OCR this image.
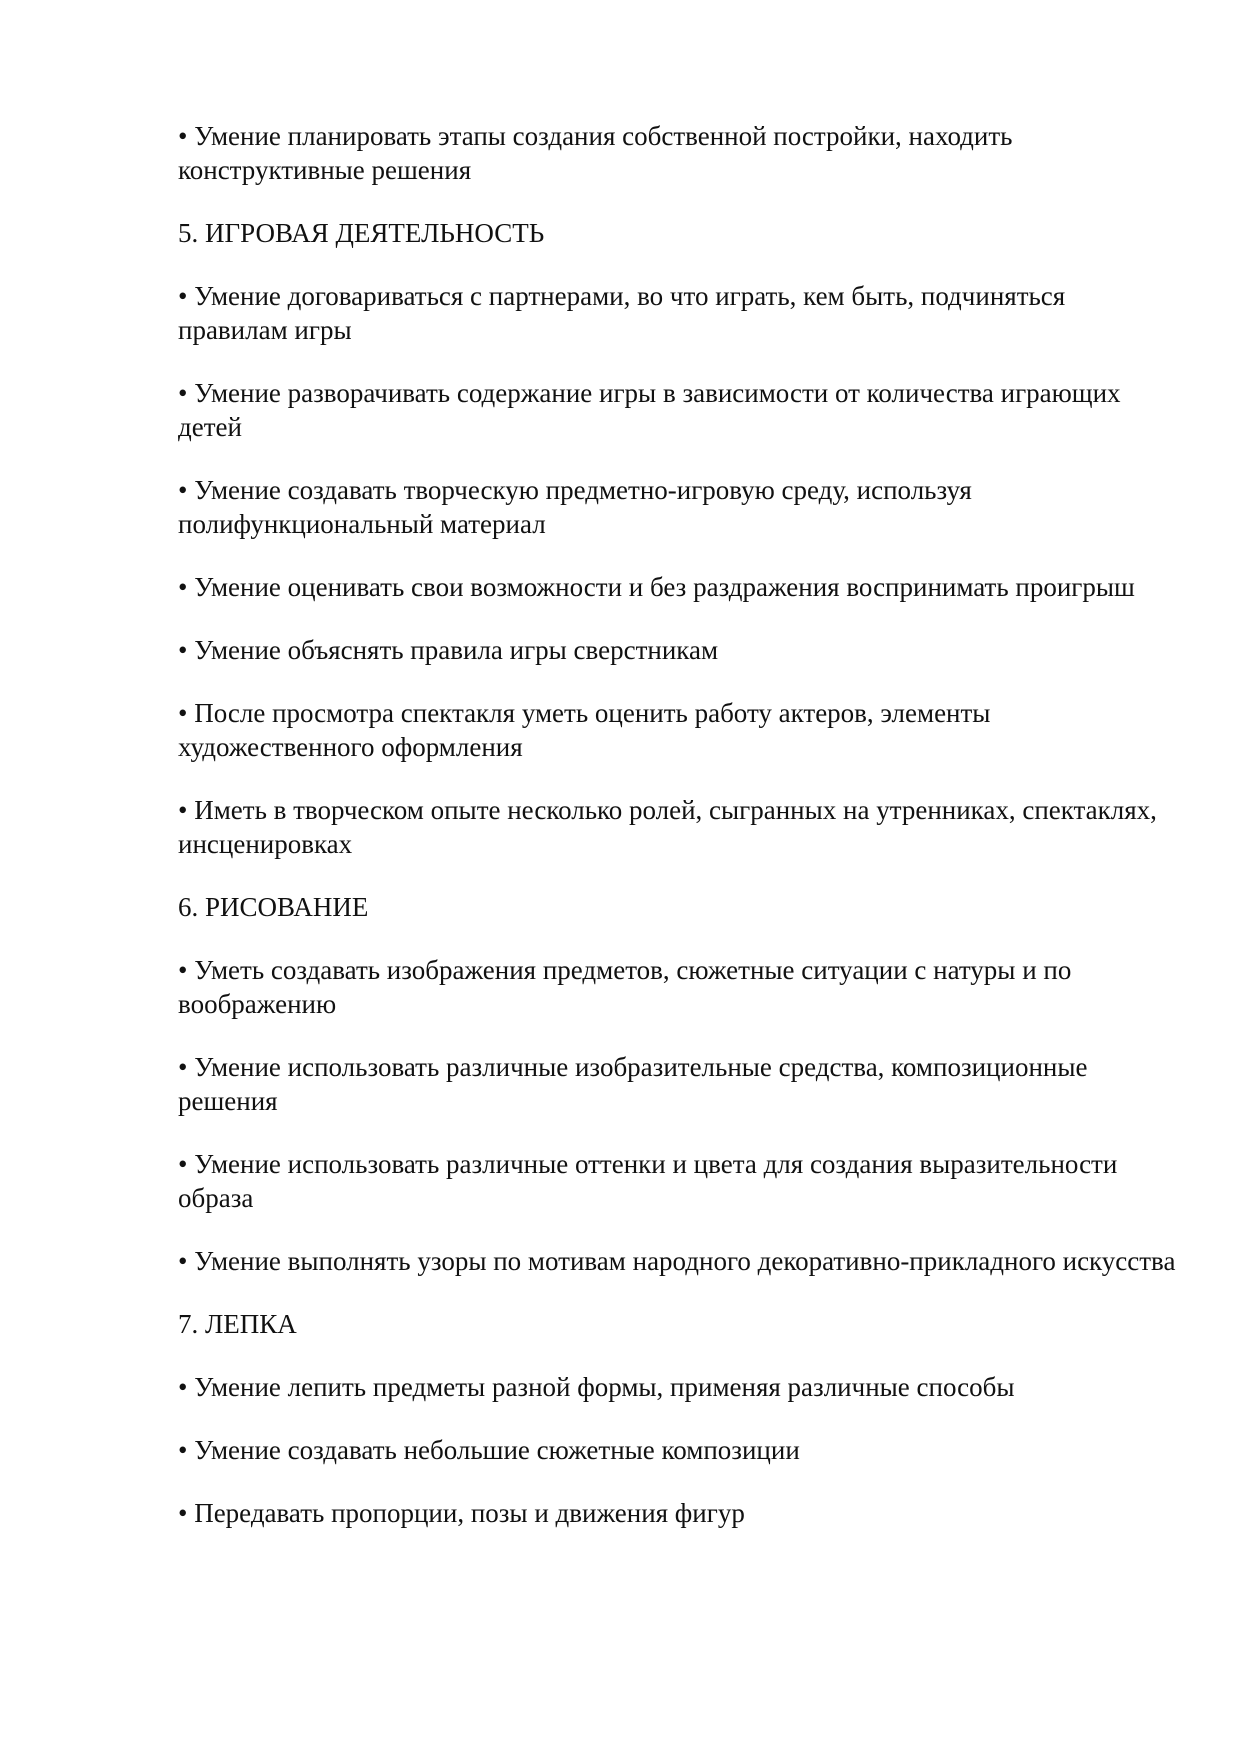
• Умение планировать этапы создания собственной постройки, находить конструктивные решения

5. ИГРОВАЯ ДЕЯТЕЛЬНОСТЬ

• Умение договариваться с партнерами, во что играть, кем быть, подчиняться правилам игры

• Умение разворачивать содержание игры в зависимости от количества играющих детей

• Умение создавать творческую предметно-игровую среду, используя полифункциональный материал

• Умение оценивать свои возможности и без раздражения воспринимать проигрыш

• Умение объяснять правила игры сверстникам

• После просмотра спектакля уметь оценить работу актеров, элементы художественного оформления

• Иметь в творческом опыте несколько ролей, сыгранных на утренниках, спектаклях, инсценировках

6. РИСОВАНИЕ

• Уметь создавать изображения предметов, сюжетные ситуации с натуры и по воображению

• Умение использовать различные изобразительные средства, композиционные решения

• Умение использовать различные оттенки и цвета для создания выразительности образа

• Умение выполнять узоры по мотивам народного декоративно-прикладного искусства

7. ЛЕПКА

• Умение лепить предметы разной формы, применяя различные способы

• Умение создавать небольшие сюжетные композиции

• Передавать пропорции, позы и движения фигур
